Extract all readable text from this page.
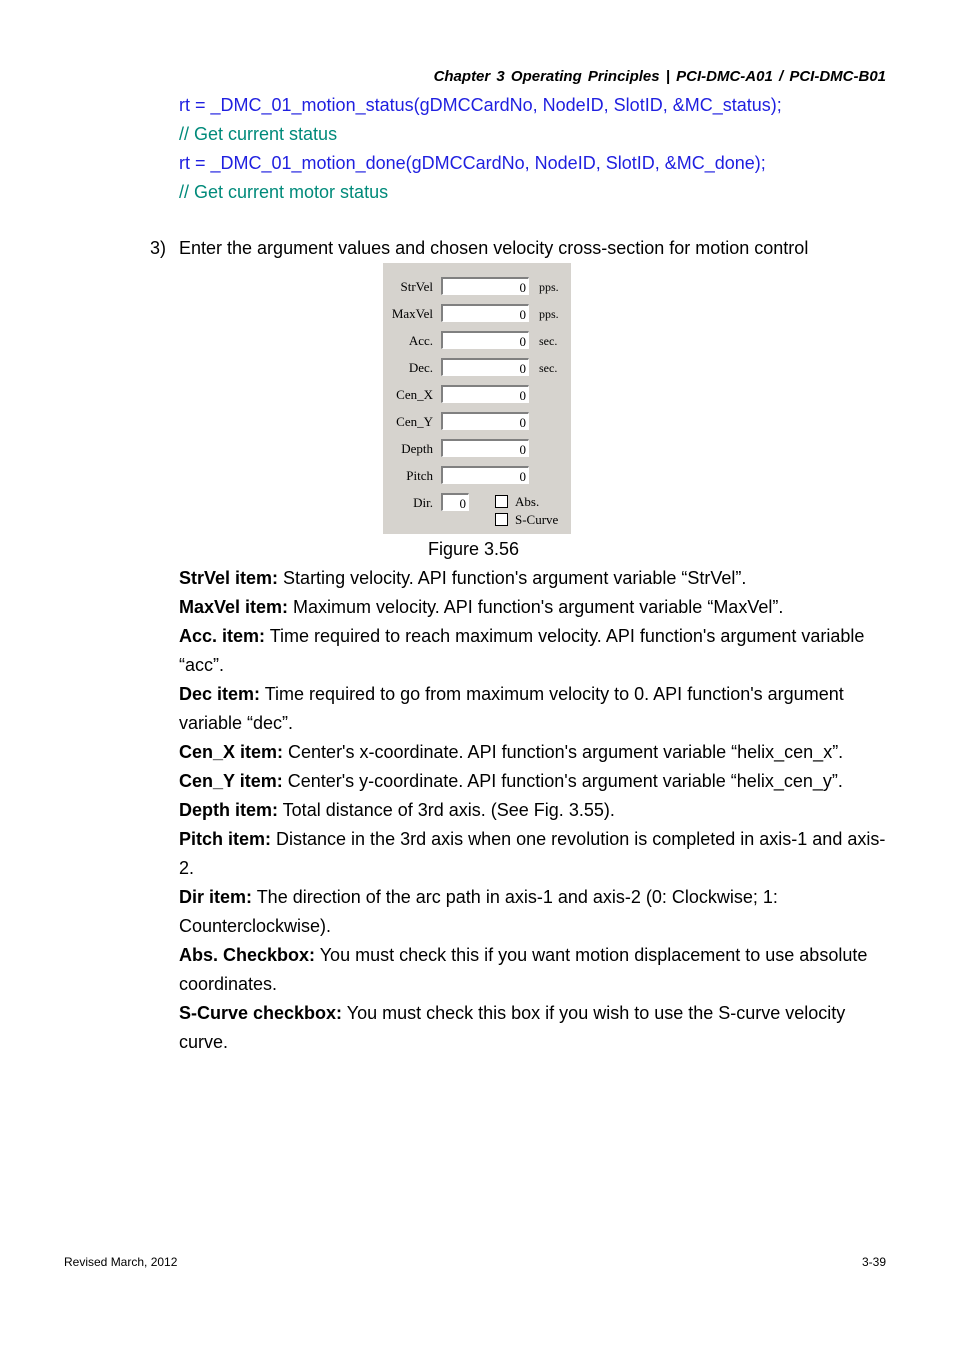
Chapter 3 Operating Principles | PCI-DMC-A01 / PCI-DMC-B01
rt = _DMC_01_motion_status(gDMCCardNo, NodeID, SlotID, &MC_status);
// Get current status
rt = _DMC_01_motion_done(gDMCCardNo, NodeID, SlotID, &MC_done);
// Get current motor status
3) Enter the argument values and chosen velocity cross-section for motion control
StrVel	0 pps.
MaxVel	0 pps.
Acc.	0 sec.
Dec.	0 sec.
Cen_X	0
Cen_Y	0
Depth	0
Pitch	0
Dir.	0	Abs.
S-Curve
Figure 3.56

StrVel item: Starting velocity. API function's argument variable “StrVel”.

MaxVel item: Maximum velocity. API function's argument variable “MaxVel”.

Acc. item: Time required to reach maximum velocity. API function's argument variable “acc”.

Dec item: Time required to go from maximum velocity to 0. API function's argument variable “dec”.

Cen_X item: Center's x-coordinate. API function's argument variable “helix_cen_x”.

Cen_Y item: Center's y-coordinate. API function's argument variable “helix_cen_y”.

Depth item: Total distance of 3rd axis. (See Fig. 3.55).

Pitch item: Distance in the 3rd axis when one revolution is completed in axis-1 and axis-2.

Dir item: The direction of the arc path in axis-1 and axis-2 (0: Clockwise; 1: Counterclockwise).

Abs. Checkbox: You must check this if you want motion displacement to use absolute coordinates.

S-Curve checkbox: You must check this box if you wish to use the S-curve velocity curve.

Revised March, 2012	3-39
